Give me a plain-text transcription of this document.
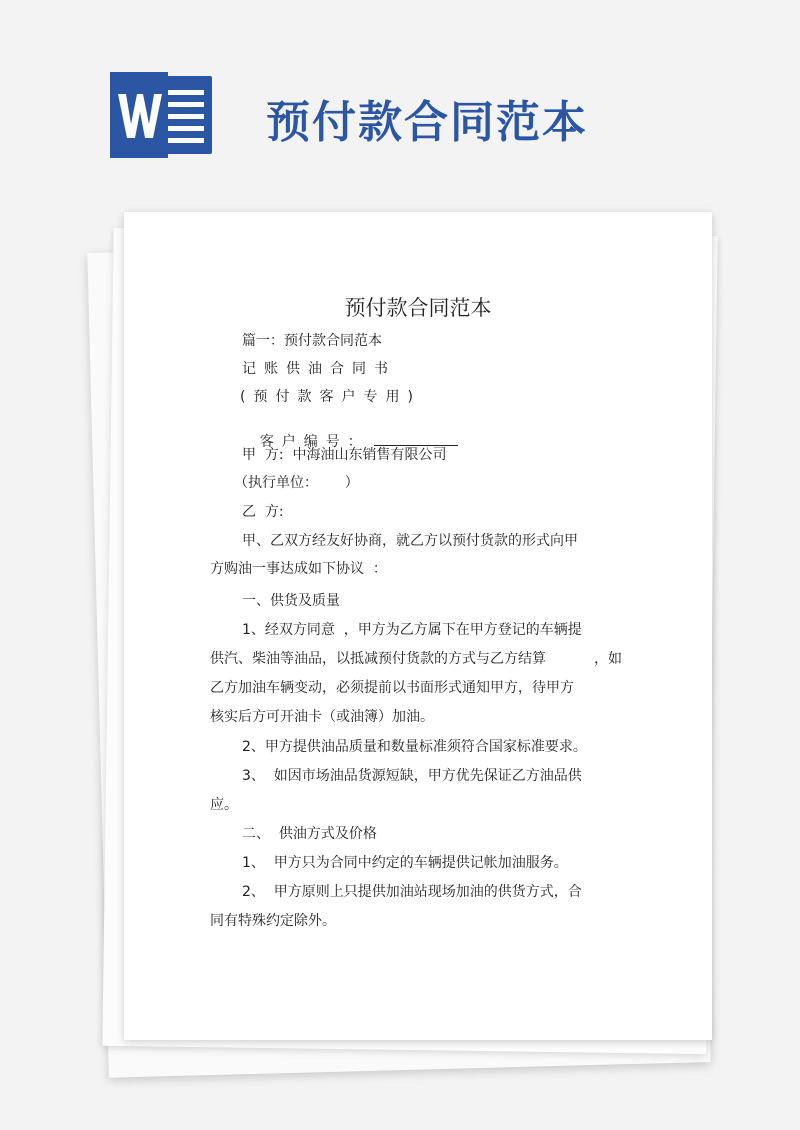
预付款合同范本
预付款合同范本
篇一：预付款合同范本
记账供油合同书
(预付款客户专用)

客户编号：

甲  方:  中海油山东销售有限公司
（执行单位：      ）
乙  方:
甲、乙双方经友好协商，就乙方以预付货款的形式向甲
方购油一事达成如下协议  ：
一、供货及质量
1、经双方同意  ，甲方为乙方属下在甲方登记的车辆提
供汽、柴油等油品，以抵减预付货款的方式与乙方结算	，如
乙方加油车辆变动，必须提前以书面形式通知甲方，待甲方
核实后方可开油卡（或油簿）加油。
2、甲方提供油品质量和数量标准须符合国家标准要求。
3、  如因市场油品货源短缺，甲方优先保证乙方油品供
应。
二、  供油方式及价格
1、  甲方只为合同中约定的车辆提供记帐加油服务。
2、  甲方原则上只提供加油站现场加油的供货方式，合
同有特殊约定除外。
